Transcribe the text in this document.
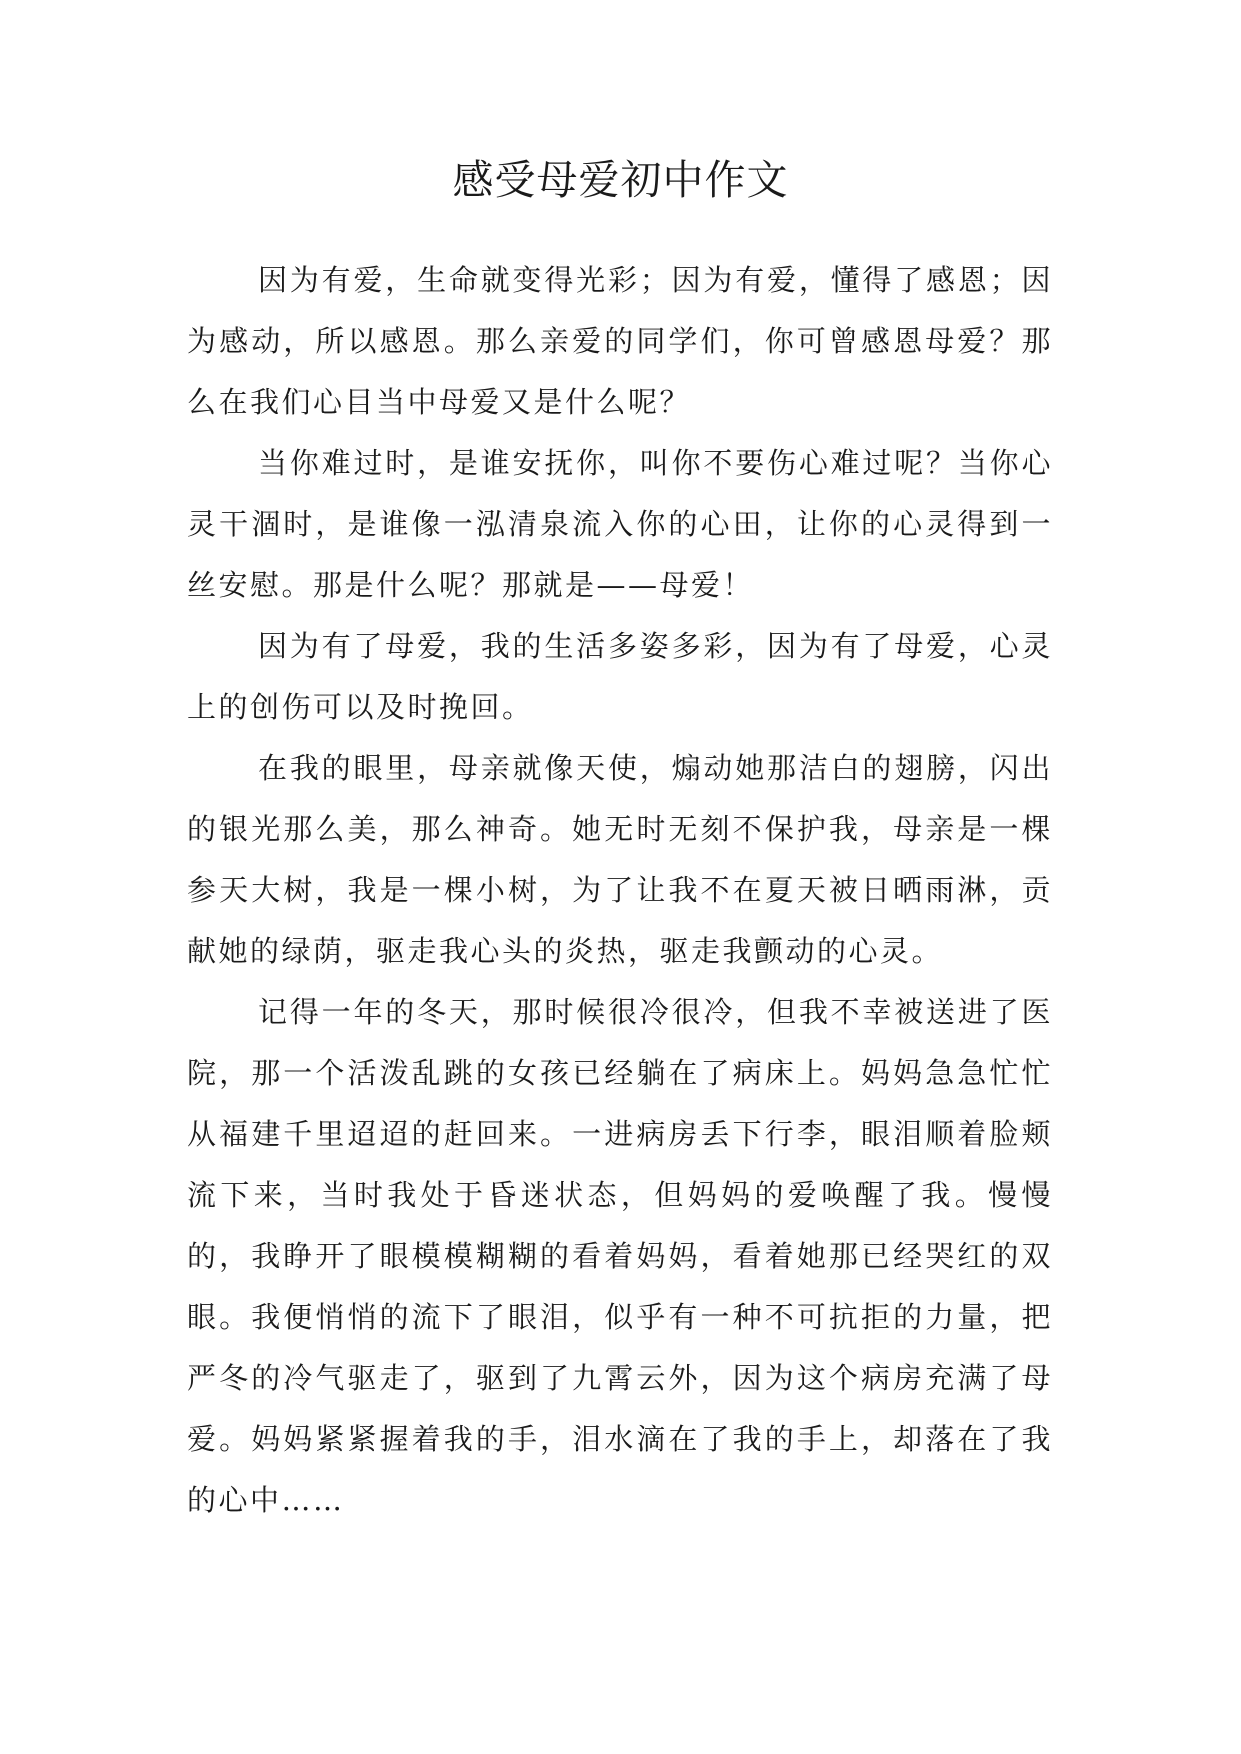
感受母爱初中作文

因为有爱，生命就变得光彩；因为有爱，懂得了感恩；因为感动，所以感恩。那么亲爱的同学们，你可曾感恩母爱？那么在我们心目当中母爱又是什么呢？

当你难过时，是谁安抚你，叫你不要伤心难过呢？当你心灵干涸时，是谁像一泓清泉流入你的心田，让你的心灵得到一丝安慰。那是什么呢？那就是——母爱！

因为有了母爱，我的生活多姿多彩，因为有了母爱，心灵上的创伤可以及时挽回。

在我的眼里，母亲就像天使，煽动她那洁白的翅膀，闪出的银光那么美，那么神奇。她无时无刻不保护我，母亲是一棵参天大树，我是一棵小树，为了让我不在夏天被日晒雨淋，贡献她的绿荫，驱走我心头的炎热，驱走我颤动的心灵。

记得一年的冬天，那时候很冷很冷，但我不幸被送进了医院，那一个活泼乱跳的女孩已经躺在了病床上。妈妈急急忙忙从福建千里迢迢的赶回来。一进病房丢下行李，眼泪顺着脸颊流下来，当时我处于昏迷状态，但妈妈的爱唤醒了我。慢慢的，我睁开了眼模模糊糊的看着妈妈，看着她那已经哭红的双眼。我便悄悄的流下了眼泪，似乎有一种不可抗拒的力量，把严冬的冷气驱走了，驱到了九霄云外，因为这个病房充满了母爱。妈妈紧紧握着我的手，泪水滴在了我的手上，却落在了我的心中……
